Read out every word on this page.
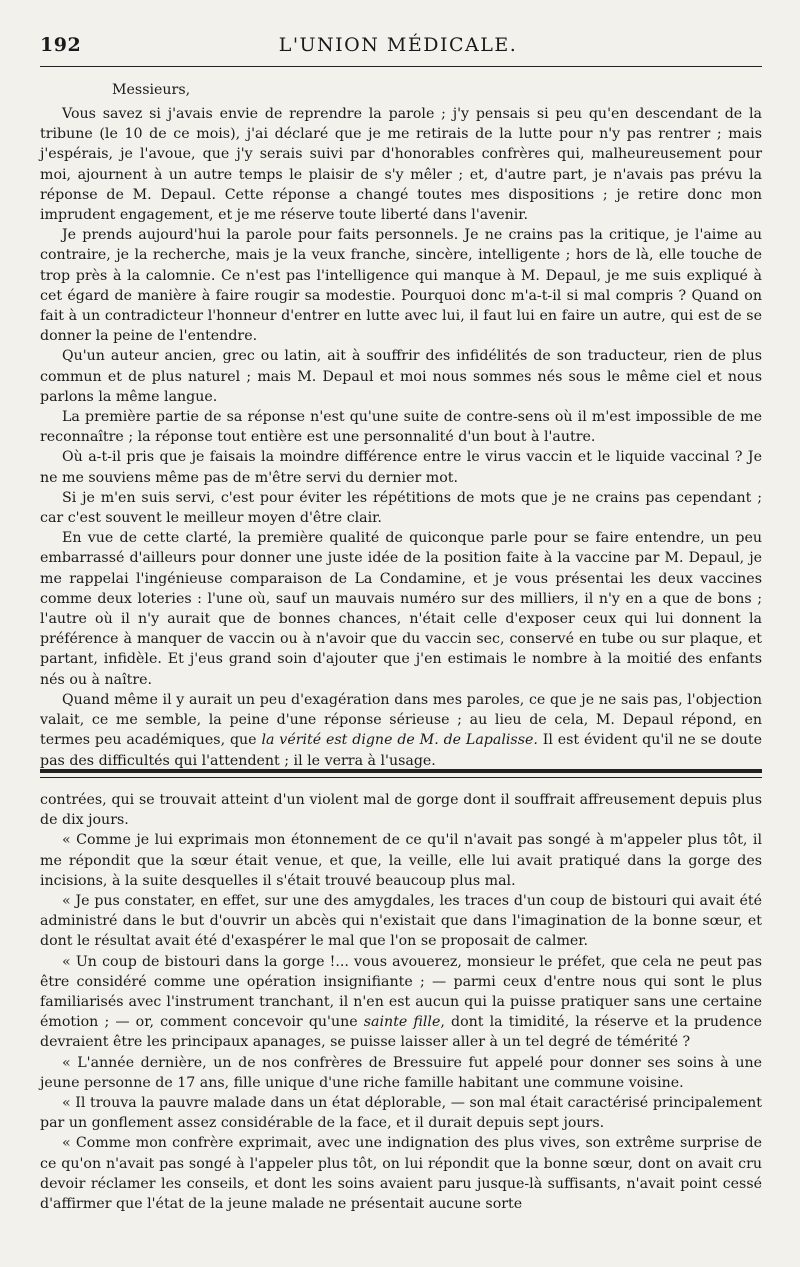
192	L'UNION MÉDICALE.

Messieurs,

Vous savez si j'avais envie de reprendre la parole ; j'y pensais si peu qu'en descendant de la tribune (le 10 de ce mois), j'ai déclaré que je me retirais de la lutte pour n'y pas rentrer ; mais j'espérais, je l'avoue, que j'y serais suivi par d'honorables confrères qui, malheureusement pour moi, ajournent à un autre temps le plaisir de s'y mêler ; et, d'autre part, je n'avais pas prévu la réponse de M. Depaul. Cette réponse a changé toutes mes dispositions ; je retire donc mon imprudent engagement, et je me réserve toute liberté dans l'avenir.

Je prends aujourd'hui la parole pour faits personnels. Je ne crains pas la critique, je l'aime au contraire, je la recherche, mais je la veux franche, sincère, intelligente ; hors de là, elle touche de trop près à la calomnie. Ce n'est pas l'intelligence qui manque à M. Depaul, je me suis expliqué à cet égard de manière à faire rougir sa modestie. Pourquoi donc m'a-t-il si mal compris ? Quand on fait à un contradicteur l'honneur d'entrer en lutte avec lui, il faut lui en faire un autre, qui est de se donner la peine de l'entendre.

Qu'un auteur ancien, grec ou latin, ait à souffrir des infidélités de son traducteur, rien de plus commun et de plus naturel ; mais M. Depaul et moi nous sommes nés sous le même ciel et nous parlons la même langue.

La première partie de sa réponse n'est qu'une suite de contre-sens où il m'est impossible de me reconnaître ; la réponse tout entière est une personnalité d'un bout à l'autre.

Où a-t-il pris que je faisais la moindre différence entre le virus vaccin et le liquide vaccinal ? Je ne me souviens même pas de m'être servi du dernier mot.

Si je m'en suis servi, c'est pour éviter les répétitions de mots que je ne crains pas cependant ; car c'est souvent le meilleur moyen d'être clair.

En vue de cette clarté, la première qualité de quiconque parle pour se faire entendre, un peu embarrassé d'ailleurs pour donner une juste idée de la position faite à la vaccine par M. Depaul, je me rappelai l'ingénieuse comparaison de La Condamine, et je vous présentai les deux vaccines comme deux loteries : l'une où, sauf un mauvais numéro sur des milliers, il n'y en a que de bons ; l'autre où il n'y aurait que de bonnes chances, n'était celle d'exposer ceux qui lui donnent la préférence à manquer de vaccin ou à n'avoir que du vaccin sec, conservé en tube ou sur plaque, et partant, infidèle. Et j'eus grand soin d'ajouter que j'en estimais le nombre à la moitié des enfants nés ou à naître.

Quand même il y aurait un peu d'exagération dans mes paroles, ce que je ne sais pas, l'objection valait, ce me semble, la peine d'une réponse sérieuse ; au lieu de cela, M. Depaul répond, en termes peu académiques, que la vérité est digne de M. de Lapalisse. Il est évident qu'il ne se doute pas des difficultés qui l'attendent ; il le verra à l'usage.

contrées, qui se trouvait atteint d'un violent mal de gorge dont il souffrait affreusement depuis plus de dix jours.

« Comme je lui exprimais mon étonnement de ce qu'il n'avait pas songé à m'appeler plus tôt, il me répondit que la sœur était venue, et que, la veille, elle lui avait pratiqué dans la gorge des incisions, à la suite desquelles il s'était trouvé beaucoup plus mal.

« Je pus constater, en effet, sur une des amygdales, les traces d'un coup de bistouri qui avait été administré dans le but d'ouvrir un abcès qui n'existait que dans l'imagination de la bonne sœur, et dont le résultat avait été d'exaspérer le mal que l'on se proposait de calmer.

« Un coup de bistouri dans la gorge !... vous avouerez, monsieur le préfet, que cela ne peut pas être considéré comme une opération insignifiante ; — parmi ceux d'entre nous qui sont le plus familiarisés avec l'instrument tranchant, il n'en est aucun qui la puisse pratiquer sans une certaine émotion ; — or, comment concevoir qu'une sainte fille, dont la timidité, la réserve et la prudence devraient être les principaux apanages, se puisse laisser aller à un tel degré de témérité ?

« L'année dernière, un de nos confrères de Bressuire fut appelé pour donner ses soins à une jeune personne de 17 ans, fille unique d'une riche famille habitant une commune voisine.

« Il trouva la pauvre malade dans un état déplorable, — son mal était caractérisé principalement par un gonflement assez considérable de la face, et il durait depuis sept jours.

« Comme mon confrère exprimait, avec une indignation des plus vives, son extrême surprise de ce qu'on n'avait pas songé à l'appeler plus tôt, on lui répondit que la bonne sœur, dont on avait cru devoir réclamer les conseils, et dont les soins avaient paru jusque-là suffisants, n'avait point cessé d'affirmer que l'état de la jeune malade ne présentait aucune sorte
